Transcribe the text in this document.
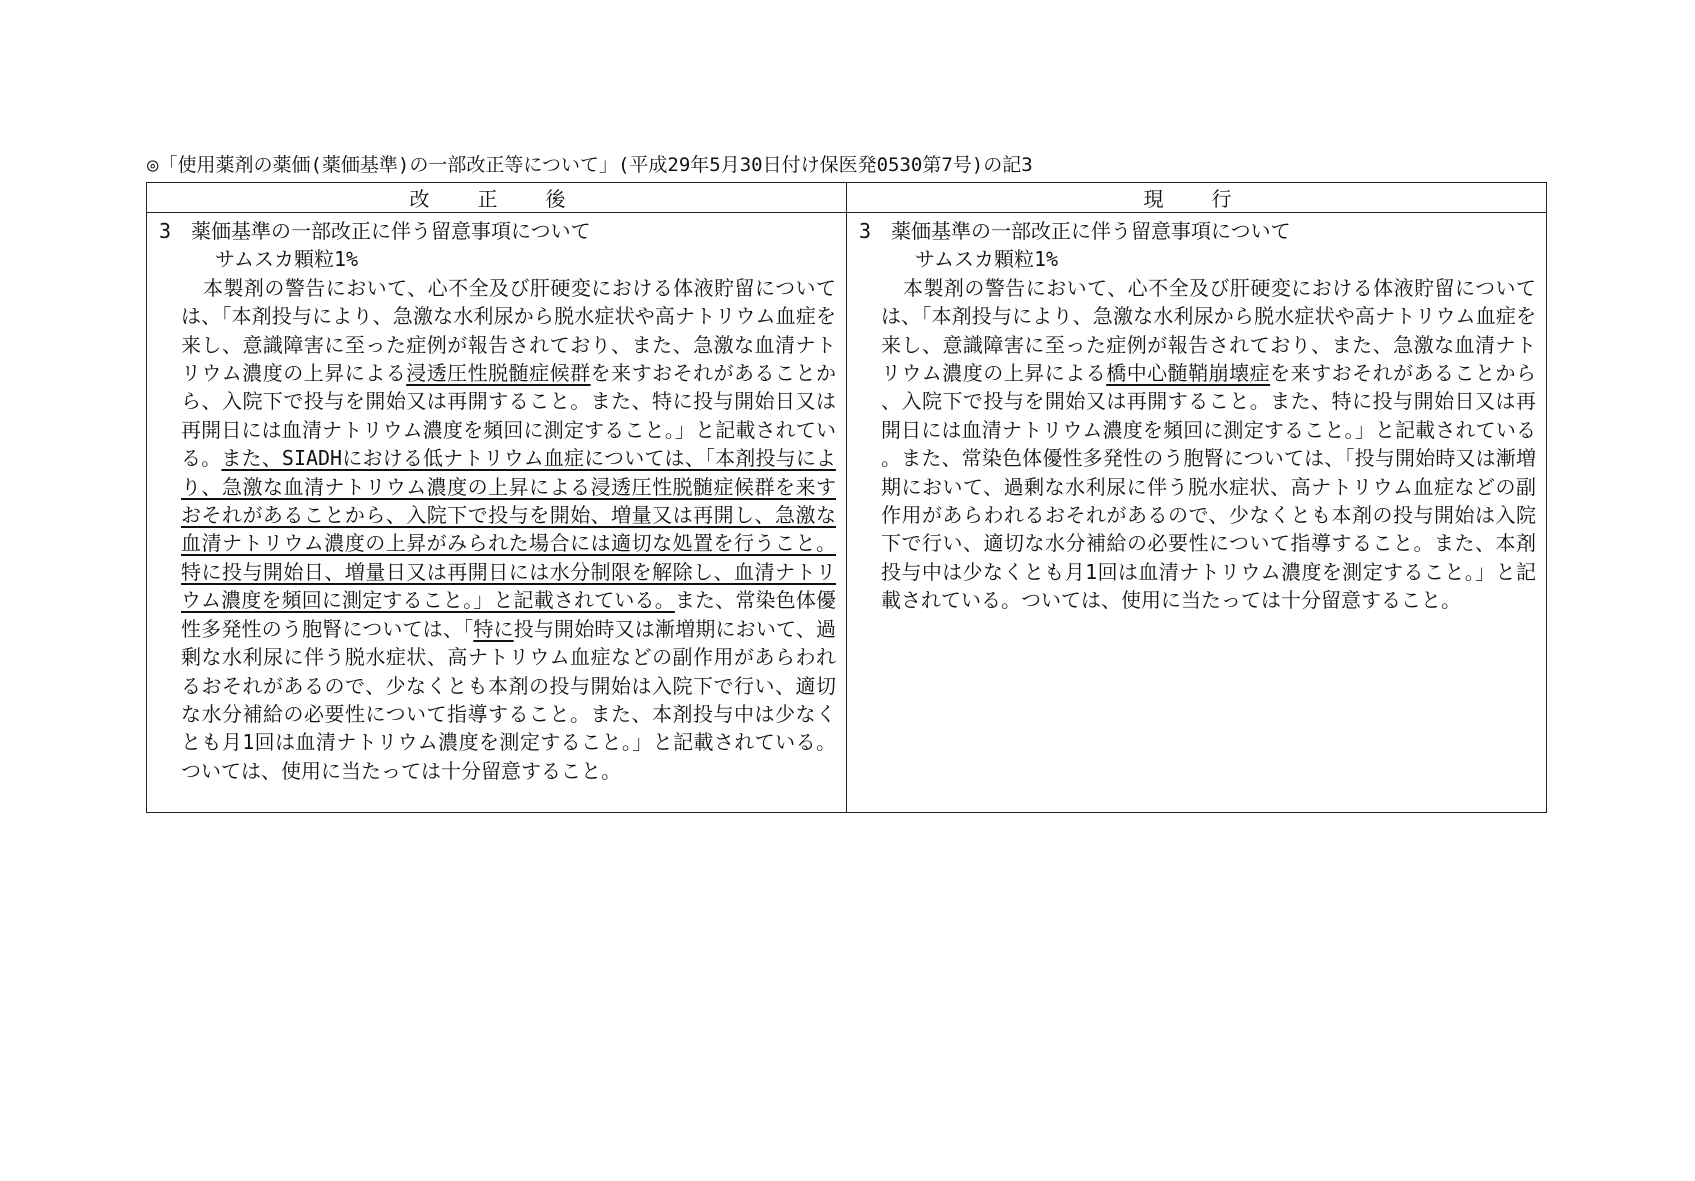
◎「使用薬剤の薬価(薬価基準)の一部改正等について」(平成29年5月30日付け保医発0530第7号)の記3
改 正 後	現 行
3 薬価基準の一部改正に伴う留意事項について
サムスカ顆粒1%
本製剤の警告において、心不全及び肝硬変における体液貯留については、「本剤投与により、急激な水利尿から脱水症状や高ナトリウム血症を来し、意識障害に至った症例が報告されており、また、急激な血清ナトリウム濃度の上昇による浸透圧性脱髄症候群を来すおそれがあることから、入院下で投与を開始又は再開すること。また、特に投与開始日又は再開日には血清ナトリウム濃度を頻回に測定すること。」と記載されている。また、SIADHにおける低ナトリウム血症については、「本剤投与により、急激な血清ナトリウム濃度の上昇による浸透圧性脱髄症候群を来すおそれがあることから、入院下で投与を開始、増量又は再開し、急激な血清ナトリウム濃度の上昇がみられた場合には適切な処置を行うこと。特に投与開始日、増量日又は再開日には水分制限を解除し、血清ナトリウム濃度を頻回に測定すること。」と記載されている。また、常染色体優性多発性のう胞腎については、「特に投与開始時又は漸増期において、過剰な水利尿に伴う脱水症状、高ナトリウム血症などの副作用があらわれるおそれがあるので、少なくとも本剤の投与開始は入院下で行い、適切な水分補給の必要性について指導すること。また、本剤投与中は少なくとも月1回は血清ナトリウム濃度を測定すること。」と記載されている。ついては、使用に当たっては十分留意すること。
3 薬価基準の一部改正に伴う留意事項について
サムスカ顆粒1%
本製剤の警告において、心不全及び肝硬変における体液貯留については、「本剤投与により、急激な水利尿から脱水症状や高ナトリウム血症を来し、意識障害に至った症例が報告されており、また、急激な血清ナトリウム濃度の上昇による橋中心髄鞘崩壊症を来すおそれがあることから、入院下で投与を開始又は再開すること。また、特に投与開始日又は再開日には血清ナトリウム濃度を頻回に測定すること。」と記載されている。また、常染色体優性多発性のう胞腎については、「投与開始時又は漸増期において、過剰な水利尿に伴う脱水症状、高ナトリウム血症などの副作用があらわれるおそれがあるので、少なくとも本剤の投与開始は入院下で行い、適切な水分補給の必要性について指導すること。また、本剤投与中は少なくとも月1回は血清ナトリウム濃度を測定すること。」と記載されている。ついては、使用に当たっては十分留意すること。
